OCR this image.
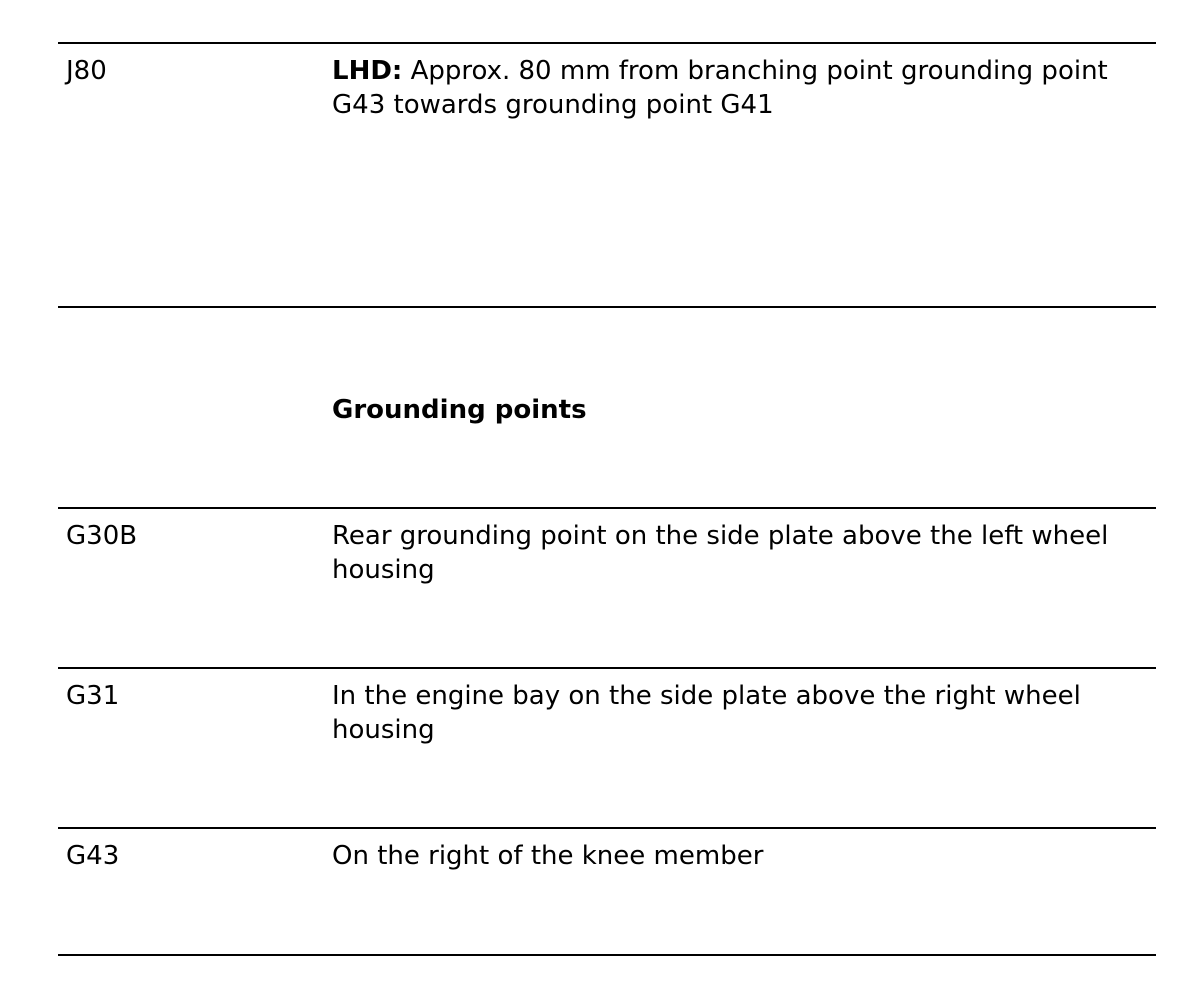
J80	LHD: Approx. 80 mm from branching point grounding point G43 towards grounding point G41
Grounding points
G30B	Rear grounding point on the side plate above the left wheel housing
G31	In the engine bay on the side plate above the right wheel housing
G43	On the right of the knee member
